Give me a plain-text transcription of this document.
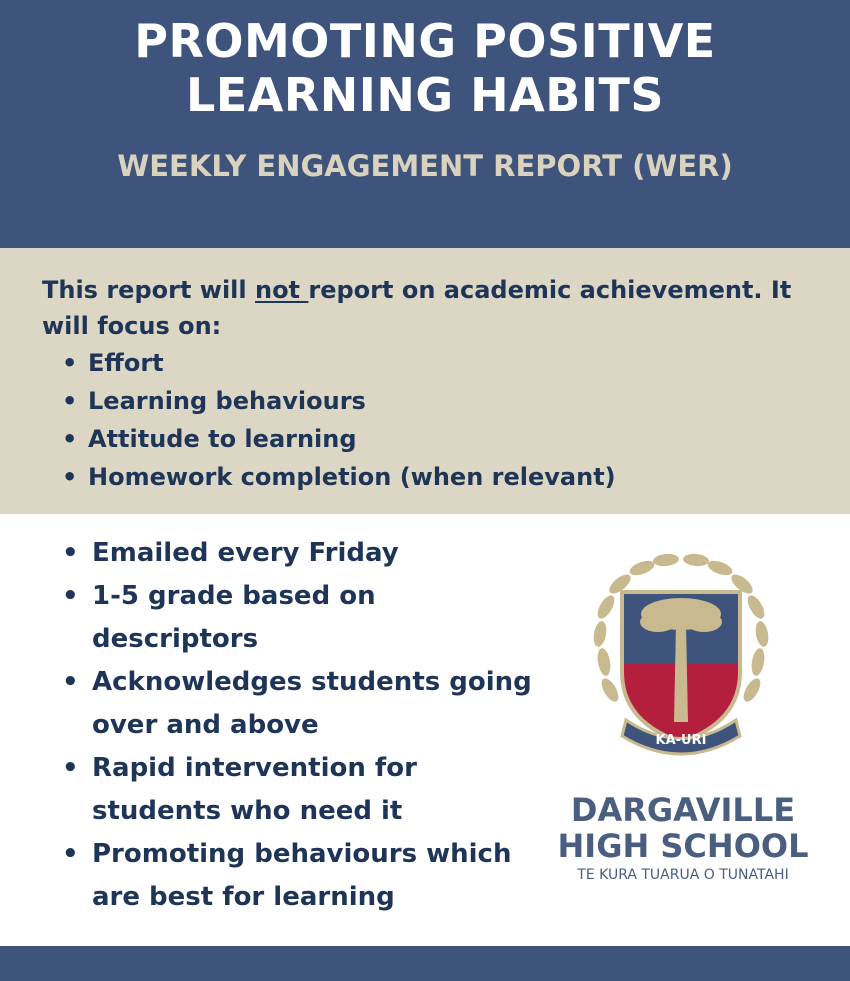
PROMOTING POSITIVE
LEARNING HABITS
WEEKLY ENGAGEMENT REPORT (WER)
This report will not report on academic achievement. It will focus on:
• Effort
• Learning behaviours
• Attitude to learning
• Homework completion (when relevant)
• Emailed every Friday
• 1-5 grade based on descriptors
• Acknowledges students going over and above
• Rapid intervention for students who need it
• Promoting behaviours which are best for learning
KA-URI
DARGAVILLE
HIGH SCHOOL
TE KURA TUARUA O TUNATAHI
